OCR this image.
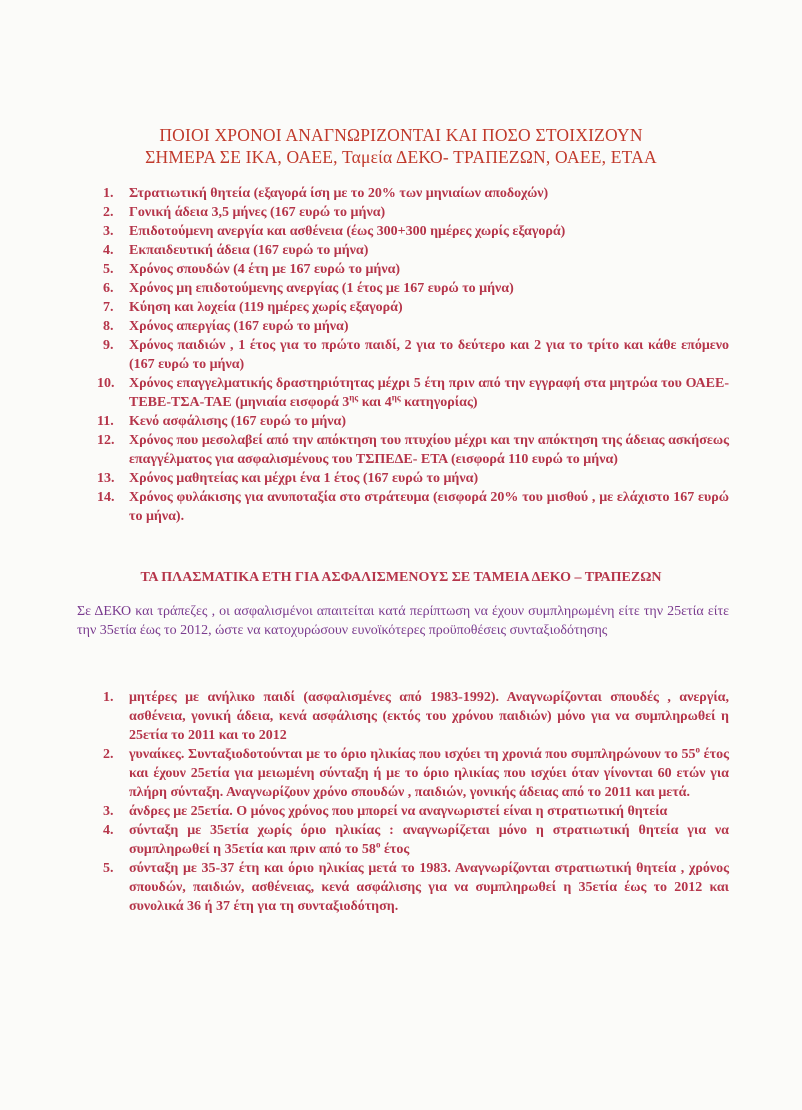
ΠΟΙΟΙ ΧΡΟΝΟΙ ΑΝΑΓΝΩΡΙΖΟΝΤΑΙ ΚΑΙ ΠΟΣΟ ΣΤΟΙΧΙΖΟΥΝ
ΣΗΜΕΡΑ ΣΕ ΙΚΑ, ΟΑΕΕ, Ταμεία ΔΕΚΟ- ΤΡΑΠΕΖΩΝ, ΟΑΕΕ, ΕΤΑΑ
1. Στρατιωτική θητεία (εξαγορά ίση με το 20% των μηνιαίων αποδοχών)
2. Γονική άδεια 3,5 μήνες (167 ευρώ το μήνα)
3. Επιδοτούμενη ανεργία και ασθένεια (έως 300+300 ημέρες χωρίς εξαγορά)
4. Εκπαιδευτική άδεια (167 ευρώ το μήνα)
5. Χρόνος σπουδών (4 έτη με 167 ευρώ το μήνα)
6. Χρόνος μη επιδοτούμενης ανεργίας (1 έτος με 167 ευρώ το μήνα)
7. Κύηση και λοχεία (119 ημέρες χωρίς εξαγορά)
8. Χρόνος απεργίας (167 ευρώ το μήνα)
9. Χρόνος παιδιών , 1 έτος για το πρώτο παιδί, 2 για το δεύτερο και 2 για το τρίτο και κάθε επόμενο (167 ευρώ το μήνα)
10. Χρόνος επαγγελματικής δραστηριότητας μέχρι 5 έτη πριν από την εγγραφή στα μητρώα του ΟΑΕΕ- ΤΕΒΕ-ΤΣΑ-ΤΑΕ (μηνιαία εισφορά $3^{\eta\varsigma}$ και $4^{\eta\varsigma}$ κατηγορίας)
11. Κενό ασφάλισης (167 ευρώ το μήνα)
12. Χρόνος που μεσολαβεί από την απόκτηση του πτυχίου μέχρι και την απόκτηση της άδειας ασκήσεως επαγγέλματος για ασφαλισμένους του ΤΣΠΕΔΕ- ΕΤΑ (εισφορά 110 ευρώ το μήνα)
13. Χρόνος μαθητείας και μέχρι ένα 1 έτος (167 ευρώ το μήνα)
14. Χρόνος φυλάκισης για ανυποταξία στο στράτευμα (εισφορά 20% του μισθού , με ελάχιστο 167 ευρώ το μήνα).
ΤΑ ΠΛΑΣΜΑΤΙΚΑ ΕΤΗ ΓΙΑ ΑΣΦΑΛΙΣΜΕΝΟΥΣ ΣΕ ΤΑΜΕΙΑ ΔΕΚΟ – ΤΡΑΠΕΖΩΝ
Σε ΔΕΚΟ και τράπεζες , οι ασφαλισμένοι απαιτείται κατά περίπτωση να έχουν συμπληρωμένη είτε την 25ετία είτε την 35ετία έως το 2012, ώστε να κατοχυρώσουν ευνοϊκότερες προϋποθέσεις συνταξιοδότησης
1. μητέρες με ανήλικο παιδί (ασφαλισμένες από 1983-1992). Αναγνωρίζονται σπουδές , ανεργία, ασθένεια, γονική άδεια, κενά ασφάλισης (εκτός του χρόνου παιδιών) μόνο για να συμπληρωθεί η 25ετία το 2011 και το 2012
2. γυναίκες. Συνταξιοδοτούνται με το όριο ηλικίας που ισχύει τη χρονιά που συμπληρώνουν το $55^o$ έτος και έχουν 25ετία για μειωμένη σύνταξη ή με το όριο ηλικίας που ισχύει όταν γίνονται 60 ετών για πλήρη σύνταξη. Αναγνωρίζουν χρόνο σπουδών , παιδιών, γονικής άδειας από το 2011 και μετά.
3. άνδρες με 25ετία. Ο μόνος χρόνος που μπορεί να αναγνωριστεί είναι η στρατιωτική θητεία
4. σύνταξη με 35ετία χωρίς όριο ηλικίας : αναγνωρίζεται μόνο η στρατιωτική θητεία για να συμπληρωθεί η 35ετία και πριν από το $58^o$ έτος
5. σύνταξη με 35-37 έτη και όριο ηλικίας μετά το 1983. Αναγνωρίζονται στρατιωτική θητεία , χρόνος σπουδών, παιδιών, ασθένειας, κενά ασφάλισης για να συμπληρωθεί η 35ετία έως το 2012 και συνολικά 36 ή 37 έτη για τη συνταξιοδότηση.
